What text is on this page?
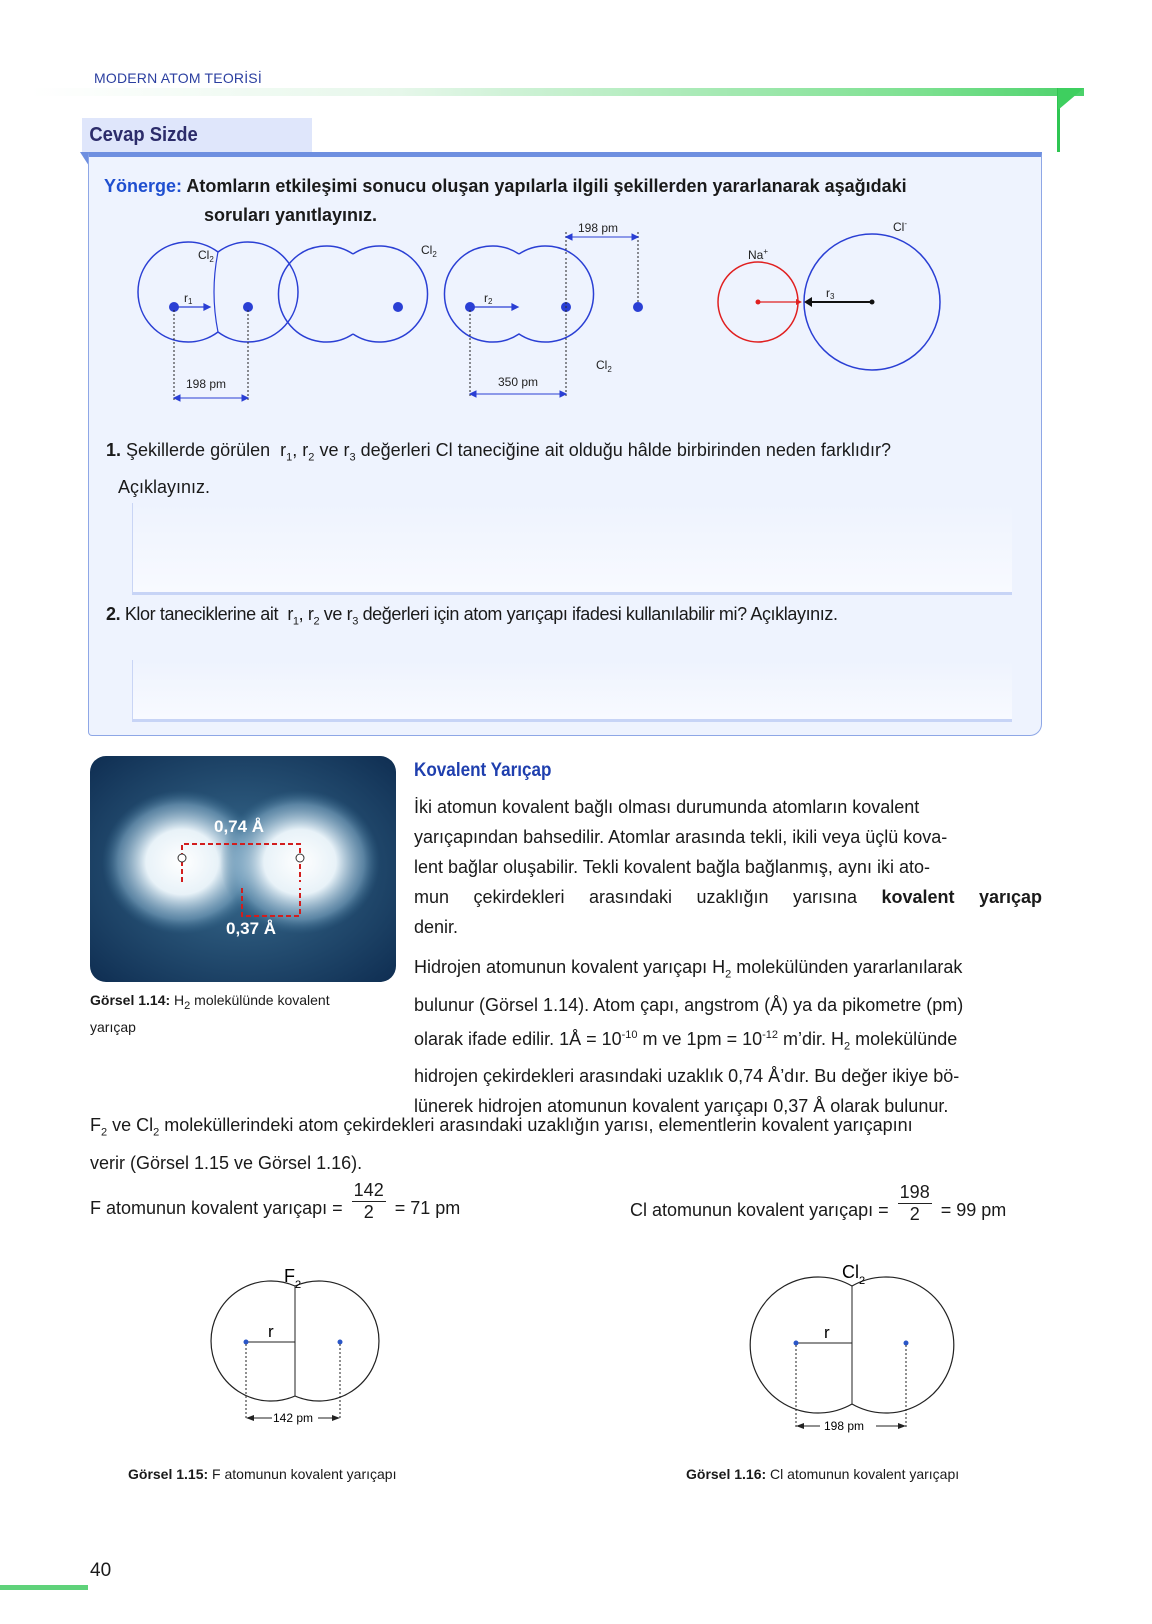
MODERN ATOM TEORİSİ
Cevap Sizde
Yönerge: Atomların etkileşimi sonucu oluşan yapılarla ilgili şekillerden yararlanarak aşağıdaki
soruları yanıtlayınız.
$Cl_2$
$Cl_2$
$Cl_2$
r1	r2
r3
198 pm	350 pm
198 pm
Na+
Cl-
1. Şekillerde görülen $r_1$, $r_2$ ve $r_3$ değerleri Cl taneciğine ait olduğu hâlde birbirinden neden farklıdır?
Açıklayınız.
2. Klor taneciklerine ait $r_1$, $r_2$ ve $r_3$ değerleri için atom yarıçapı ifadesi kullanılabilir mi? Açıklayınız.
0,74 Å
0,37 Å
Görsel 1.14: $H_2$ molekülünde kovalent
yarıçap
Kovalent Yarıçap
İki atomun kovalent bağlı olması durumunda atomların kovalent
yarıçapından bahsedilir. Atomlar arasında tekli, ikili veya üçlü kova-
lent bağlar oluşabilir. Tekli kovalent bağla bağlanmış, aynı iki ato-
mun çekirdekleri arasındaki uzaklığın yarısına kovalent yarıçap
denir.
Hidrojen atomunun kovalent yarıçapı $H_2$ molekülünden yararlanılarak
bulunur (Görsel 1.14). Atom çapı, angstrom (Å) ya da pikometre (pm)
olarak ifade edilir. 1Å = $10^{-10}$ m ve $1pm = 10^{-12}$ m’dir. $H_2$ molekülünde
hidrojen çekirdekleri arasındaki uzaklık 0,74 Å’dır. Bu değer ikiye bö-
lünerek hidrojen atomunun kovalent yarıçapı 0,37 Å olarak bulunur.
$F_2$ ve $Cl_2$ moleküllerindeki atom çekirdekleri arasındaki uzaklığın yarısı, elementlerin kovalent yarıçapını
verir (Görsel 1.15 ve Görsel 1.16).
F atomunun kovalent yarıçapı = $\frac{142}{2} = 71$ pm	Cl atomunun kovalent yarıçapı = $\frac{198}{2} = 99$ pm
$F_2$
r
142 pm
$Cl_2$
r
198 pm
Görsel 1.15: F atomunun kovalent yarıçapı	Görsel 1.16: Cl atomunun kovalent yarıçapı
40
